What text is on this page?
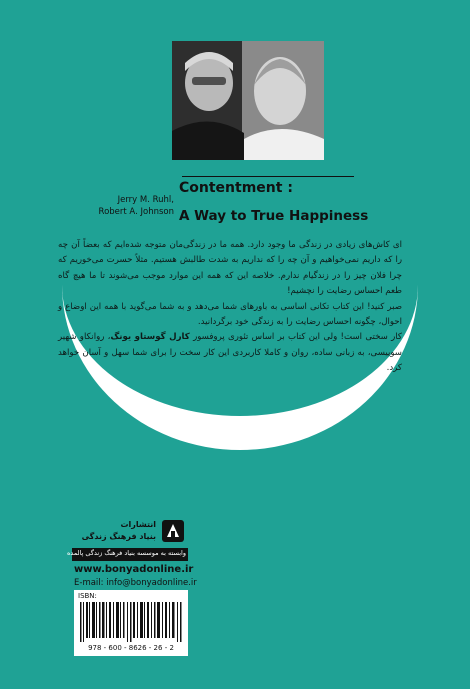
Jerry M. Ruhl,
Robert A. Johnson
Contentment :
A Way to True Happiness

ای کاش‌های زیادی در زندگی ما وجود دارد. همه ما در زندگی‌مان متوجه شده‌ایم که بعضاً آن چه را که داریم نمی‌خواهیم و آن چه را که نداریم به شدت طالبش هستیم. مثلاً حسرت می‌خوریم که چرا فلان چیز را در زندگیام ندارم. خلاصه این که همه این موارد موجب می‌شوند تا ما هیچ گاه طعم احساس رضایت را نچشیم!

صبر کنید! این کتاب تکانی اساسی به باورهای شما می‌دهد و به شما می‌گوید با همه این اوضاع و احوال، چگونه احساس رضایت را به زندگی خود برگردانید.

کار سختی است! ولی این کتاب بر اساس تئوری پروفسور کارل گوستاو یونگ، روانکاو شهیر سوییسی، به زبانی ساده، روان و کاملا کاربردی این کار سخت را برای شما سهل و آسان خواهد کرد.

انتشارات
بنیاد فرهنگ زندگی
وابسته به موسسه بنیاد فرهنگ زندگی پالمده
www.bonyadonline.ir
E-mail: info@bonyadonline.ir
ISBN:
978 - 600 - 8626 - 26 - 2
